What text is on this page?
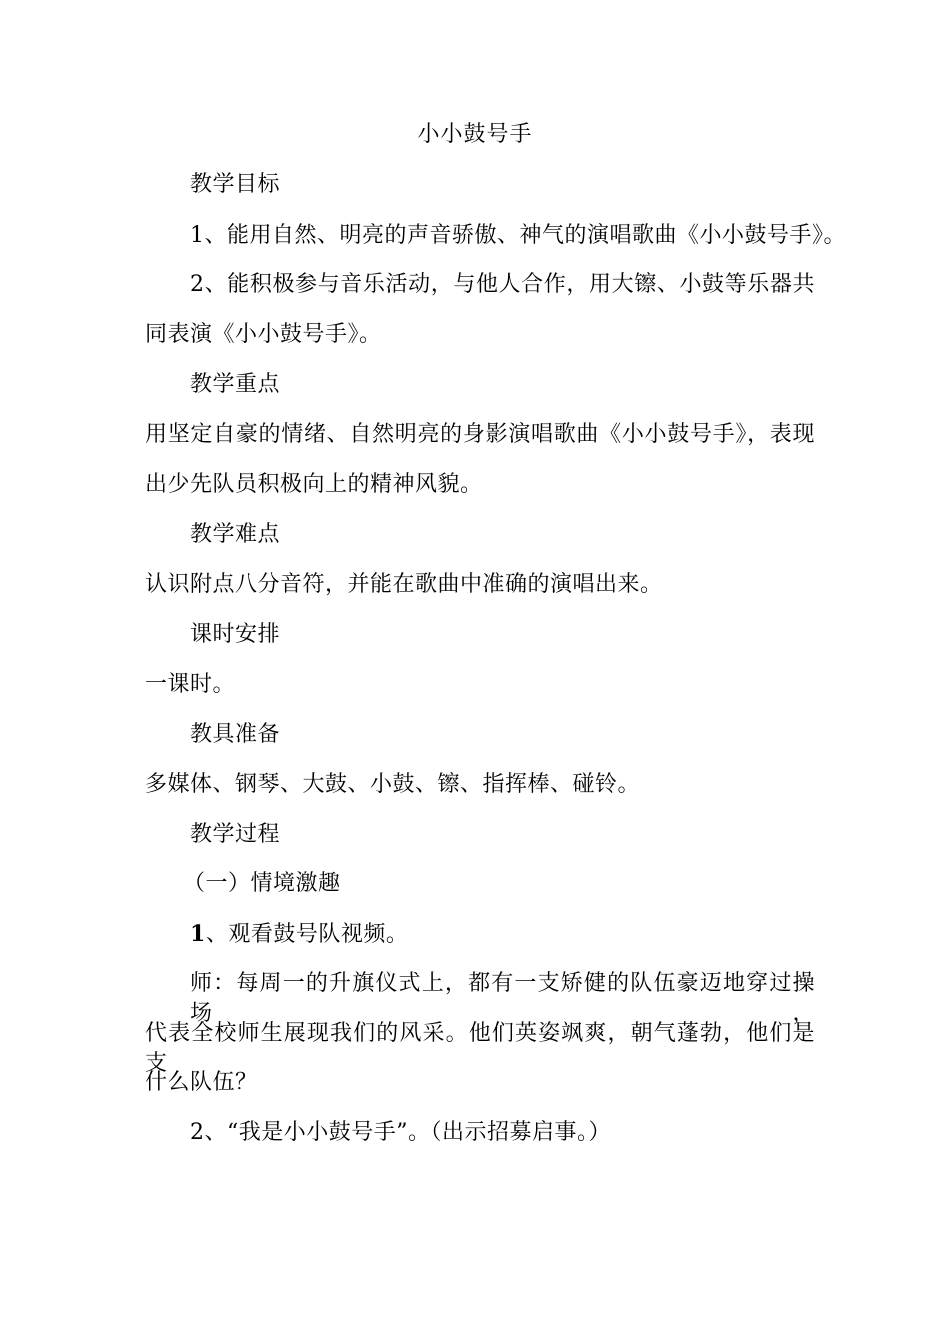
小小鼓号手
教学目标
1、能用自然、明亮的声音骄傲、神气的演唱歌曲《小小鼓号手》。
2、能积极参与音乐活动，与他人合作，用大镲、小鼓等乐器共
同表演《小小鼓号手》。
教学重点
用坚定自豪的情绪、自然明亮的身影演唱歌曲《小小鼓号手》，表现
出少先队员积极向上的精神风貌。
教学难点
认识附点八分音符，并能在歌曲中准确的演唱出来。
课时安排
一课时。
教具准备
多媒体、钢琴、大鼓、小鼓、镲、指挥棒、碰铃。
教学过程
（一）情境激趣
1、观看鼓号队视频。
师：每周一的升旗仪式上，都有一支矫健的队伍豪迈地穿过操场，
代表全校师生展现我们的风采。他们英姿飒爽，朝气蓬勃，他们是支
什么队伍？
2、“我是小小鼓号手”。（出示招募启事。）
